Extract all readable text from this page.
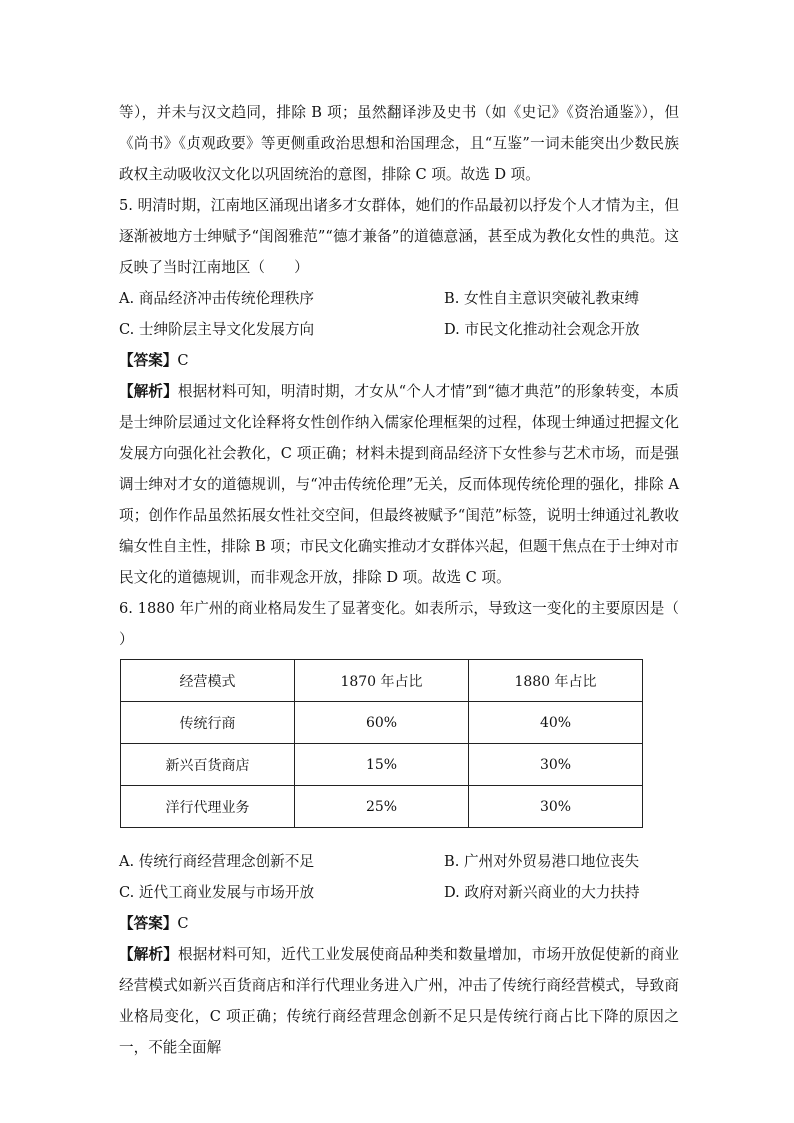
等），并未与汉文趋同，排除 B 项；虽然翻译涉及史书（如《史记》《资治通鉴》），但《尚书》《贞观政要》等更侧重政治思想和治国理念，且“互鉴”一词未能突出少数民族政权主动吸收汉文化以巩固统治的意图，排除 C 项。故选 D 项。

5. 明清时期，江南地区涌现出诸多才女群体，她们的作品最初以抒发个人才情为主，但逐渐被地方士绅赋予“闺阁雅范”“德才兼备”的道德意涵，甚至成为教化女性的典范。这反映了当时江南地区（　　）

A. 商品经济冲击传统伦理秩序	B. 女性自主意识突破礼教束缚
C. 士绅阶层主导文化发展方向	D. 市民文化推动社会观念开放

【答案】C

【解析】根据材料可知，明清时期，才女从“个人才情”到“德才典范”的形象转变，本质是士绅阶层通过文化诠释将女性创作纳入儒家伦理框架的过程，体现士绅通过把握文化发展方向强化社会教化，C 项正确；材料未提到商品经济下女性参与艺术市场，而是强调士绅对才女的道德规训，与“冲击传统伦理”无关，反而体现传统伦理的强化，排除 A 项；创作作品虽然拓展女性社交空间，但最终被赋予“闺范”标签，说明士绅通过礼教收编女性自主性，排除 B 项；市民文化确实推动才女群体兴起，但题干焦点在于士绅对市民文化的道德规训，而非观念开放，排除 D 项。故选 C 项。

6. 1880 年广州的商业格局发生了显著变化。如表所示，导致这一变化的主要原因是（　　）

经营模式	1870 年占比	1880 年占比
传统行商	60%	40%
新兴百货商店	15%	30%
洋行代理业务	25%	30%
A. 传统行商经营理念创新不足	B. 广州对外贸易港口地位丧失
C. 近代工商业发展与市场开放	D. 政府对新兴商业的大力扶持

【答案】C

【解析】根据材料可知，近代工业发展使商品种类和数量增加，市场开放促使新的商业经营模式如新兴百货商店和洋行代理业务进入广州，冲击了传统行商经营模式，导致商业格局变化，C 项正确；传统行商经营理念创新不足只是传统行商占比下降的原因之一，不能全面解
